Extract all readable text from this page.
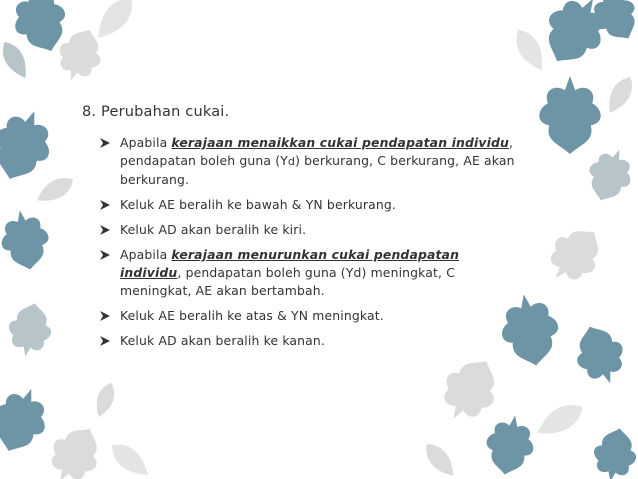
8. Perubahan cukai.
Apabila kerajaan menaikkan cukai pendapatan individu, pendapatan boleh guna (Yd) berkurang, C berkurang, AE akan berkurang.
Keluk AE beralih ke bawah & YN berkurang.
Keluk AD akan beralih ke kiri.
Apabila kerajaan menurunkan cukai pendapatan individu, pendapatan boleh guna (Yd) meningkat, C meningkat, AE akan bertambah.
Keluk AE beralih ke atas & YN meningkat.
Keluk AD akan beralih ke kanan.
